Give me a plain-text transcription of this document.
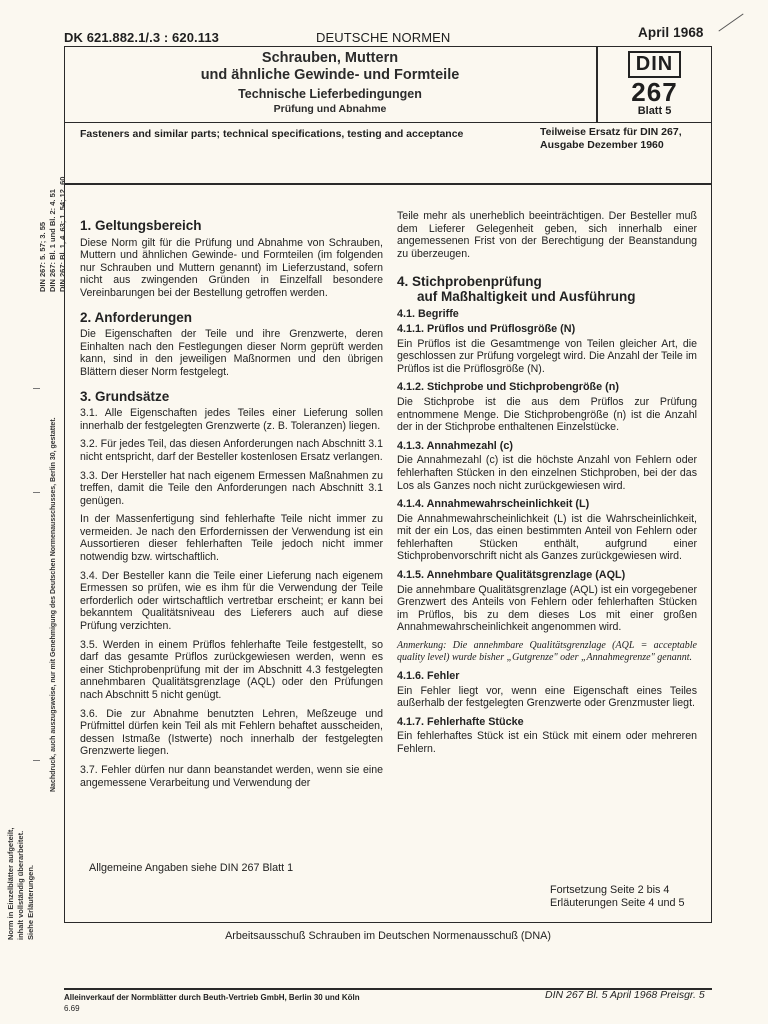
DK 621.882.1/.3 : 620.113	DEUTSCHE NORMEN	April 1968
Schrauben, Muttern
und ähnliche Gewinde- und Formteile
Technische Lieferbedingungen
Prüfung und Abnahme
DIN
267
Blatt 5
Fasteners and similar parts; technical specifications, testing and acceptance	Teilweise Ersatz für DIN 267,
Ausgabe Dezember 1960
1. Geltungsbereich

Diese Norm gilt für die Prüfung und Abnahme von Schrauben, Muttern und ähnlichen Gewinde- und Formteilen (im folgenden nur Schrauben und Muttern genannt) im Lieferzustand, sofern nicht aus zwingenden Gründen in Einzelfall besondere Vereinbarungen bei der Bestellung getroffen werden.

2. Anforderungen

Die Eigenschaften der Teile und ihre Grenzwerte, deren Einhalten nach den Festlegungen dieser Norm geprüft werden kann, sind in den jeweiligen Maßnormen und den übrigen Blättern dieser Norm festgelegt.

3. Grundsätze

3.1. Alle Eigenschaften jedes Teiles einer Lieferung sollen innerhalb der festgelegten Grenzwerte (z. B. Toleranzen) liegen.

3.2. Für jedes Teil, das diesen Anforderungen nach Abschnitt 3.1 nicht entspricht, darf der Besteller kostenlosen Ersatz verlangen.

3.3. Der Hersteller hat nach eigenem Ermessen Maßnahmen zu treffen, damit die Teile den Anforderungen nach Abschnitt 3.1 genügen.

In der Massenfertigung sind fehlerhafte Teile nicht immer zu vermeiden. Je nach den Erfordernissen der Verwendung ist ein Aussortieren dieser fehlerhaften Teile jedoch nicht immer notwendig bzw. wirtschaftlich.

3.4. Der Besteller kann die Teile einer Lieferung nach eigenem Ermessen so prüfen, wie es ihm für die Verwendung der Teile erforderlich oder wirtschaftlich vertretbar erscheint; er kann bei bekanntem Qualitätsniveau des Lieferers auch auf diese Prüfung verzichten.

3.5. Werden in einem Prüflos fehlerhafte Teile festgestellt, so darf das gesamte Prüflos zurückgewiesen werden, wenn es einer Stichprobenprüfung mit der im Abschnitt 4.3 festgelegten annehmbaren Qualitätsgrenzlage (AQL) oder den Prüfungen nach Abschnitt 5 nicht genügt.

3.6. Die zur Abnahme benutzten Lehren, Meßzeuge und Prüfmittel dürfen kein Teil als mit Fehlern behaftet ausscheiden, dessen Istmaße (Istwerte) noch innerhalb der festgelegten Grenzwerte liegen.

3.7. Fehler dürfen nur dann beanstandet werden, wenn sie eine angemessene Verarbeitung und Verwendung der

Allgemeine Angaben siehe DIN 267 Blatt 1

Teile mehr als unerheblich beeinträchtigen. Der Besteller muß dem Lieferer Gelegenheit geben, sich innerhalb einer angemessenen Frist von der Berechtigung der Beanstandung zu überzeugen.

4. Stichprobenprüfung
auf Maßhaltigkeit und Ausführung
4.1. Begriffe
4.1.1. Prüflos und Prüflosgröße (N)

Ein Prüflos ist die Gesamtmenge von Teilen gleicher Art, die geschlossen zur Prüfung vorgelegt wird. Die Anzahl der Teile im Prüflos ist die Prüflosgröße (N).

4.1.2. Stichprobe und Stichprobengröße (n)

Die Stichprobe ist die aus dem Prüflos zur Prüfung entnommene Menge. Die Stichprobengröße (n) ist die Anzahl der in der Stichprobe enthaltenen Einzelstücke.

4.1.3. Annahmezahl (c)

Die Annahmezahl (c) ist die höchste Anzahl von Fehlern oder fehlerhaften Stücken in den einzelnen Stichproben, bei der das Los als Ganzes noch nicht zurückgewiesen wird.

4.1.4. Annahmewahrscheinlichkeit (L)

Die Annahmewahrscheinlichkeit (L) ist die Wahrscheinlichkeit, mit der ein Los, das einen bestimmten Anteil von Fehlern oder fehlerhaften Stücken enthält, aufgrund einer Stichprobenvorschrift nicht als Ganzes zurückgewiesen wird.

4.1.5. Annehmbare Qualitätsgrenzlage (AQL)

Die annehmbare Qualitätsgrenzlage (AQL) ist ein vorgegebener Grenzwert des Anteils von Fehlern oder fehlerhaften Stücken im Prüflos, bis zu dem dieses Los mit einer großen Annahmewahrscheinlichkeit angenommen wird.

Anmerkung: Die annehmbare Qualitätsgrenzlage (AQL = acceptable quality level) wurde bisher „Gutgrenze" oder „Annahmegrenze" genannt.

4.1.6. Fehler

Ein Fehler liegt vor, wenn eine Eigenschaft eines Teiles außerhalb der festgelegten Grenzwerte oder Grenzmuster liegt.

4.1.7. Fehlerhafte Stücke

Ein fehlerhaftes Stück ist ein Stück mit einem oder mehreren Fehlern.

Fortsetzung Seite 2 bis 4
Erläuterungen Seite 4 und 5
Arbeitsausschuß Schrauben im Deutschen Normenausschuß (DNA)
Alleinverkauf der Normblätter durch Beuth-Vertrieb GmbH, Berlin 30 und Köln
6.69
DIN 267 Bl. 5 April 1968 Preisgr. 5
DIN 267: 5. 57; 3. 55 DIN 267: Bl. 1 und Bl. 2: 4. 51 DIN 267: Bl. 1, 4. 63; 1. 54; 12. 60
Nachdruck, auch auszugsweise, nur mit Genehmigung des Deutschen Normenausschusses, Berlin 30, gestattet.
Norm in Einzelblätter aufgeteilt, inhalt vollständig überarbeitet. Siehe Erläuterungen.
